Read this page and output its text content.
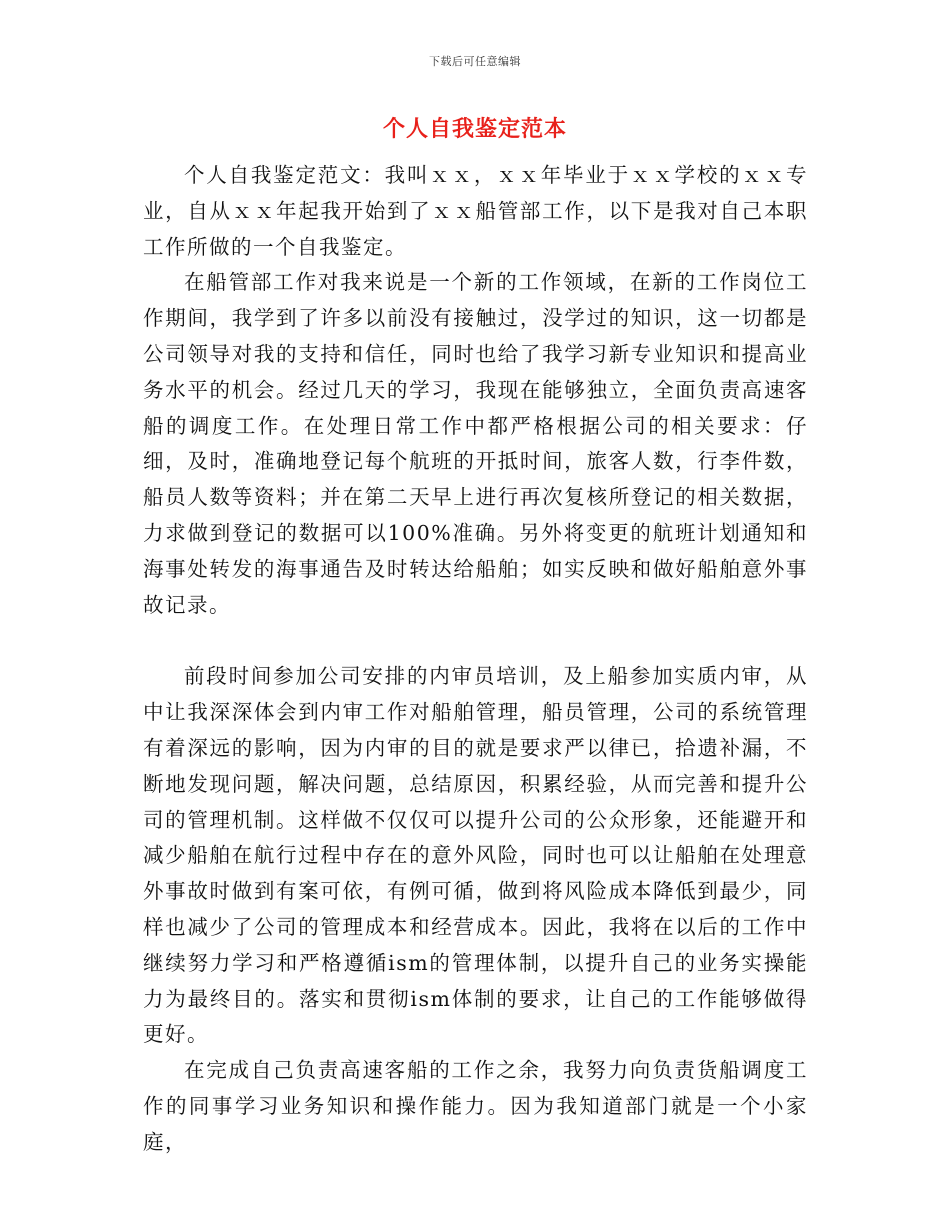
下载后可任意编辑
个人自我鉴定范本

个人自我鉴定范文：我叫ｘｘ，ｘｘ年毕业于ｘｘ学校的ｘｘ专业，自从ｘｘ年起我开始到了ｘｘ船管部工作，以下是我对自己本职工作所做的一个自我鉴定。

在船管部工作对我来说是一个新的工作领域，在新的工作岗位工作期间，我学到了许多以前没有接触过，没学过的知识，这一切都是公司领导对我的支持和信任，同时也给了我学习新专业知识和提高业务水平的机会。经过几天的学习，我现在能够独立，全面负责高速客船的调度工作。在处理日常工作中都严格根据公司的相关要求：仔细，及时，准确地登记每个航班的开抵时间，旅客人数，行李件数，船员人数等资料；并在第二天早上进行再次复核所登记的相关数据，力求做到登记的数据可以100%准确。另外将变更的航班计划通知和海事处转发的海事通告及时转达给船舶；如实反映和做好船舶意外事故记录。

前段时间参加公司安排的内审员培训，及上船参加实质内审，从中让我深深体会到内审工作对船舶管理，船员管理，公司的系统管理有着深远的影响，因为内审的目的就是要求严以律已，拾遗补漏，不断地发现问题，解决问题，总结原因，积累经验，从而完善和提升公司的管理机制。这样做不仅仅可以提升公司的公众形象，还能避开和减少船舶在航行过程中存在的意外风险，同时也可以让船舶在处理意外事故时做到有案可依，有例可循，做到将风险成本降低到最少，同样也减少了公司的管理成本和经营成本。因此，我将在以后的工作中继续努力学习和严格遵循ism的管理体制，以提升自己的业务实操能力为最终目的。落实和贯彻ism体制的要求，让自己的工作能够做得更好。

在完成自己负责高速客船的工作之余，我努力向负责货船调度工作的同事学习业务知识和操作能力。因为我知道部门就是一个小家庭，
